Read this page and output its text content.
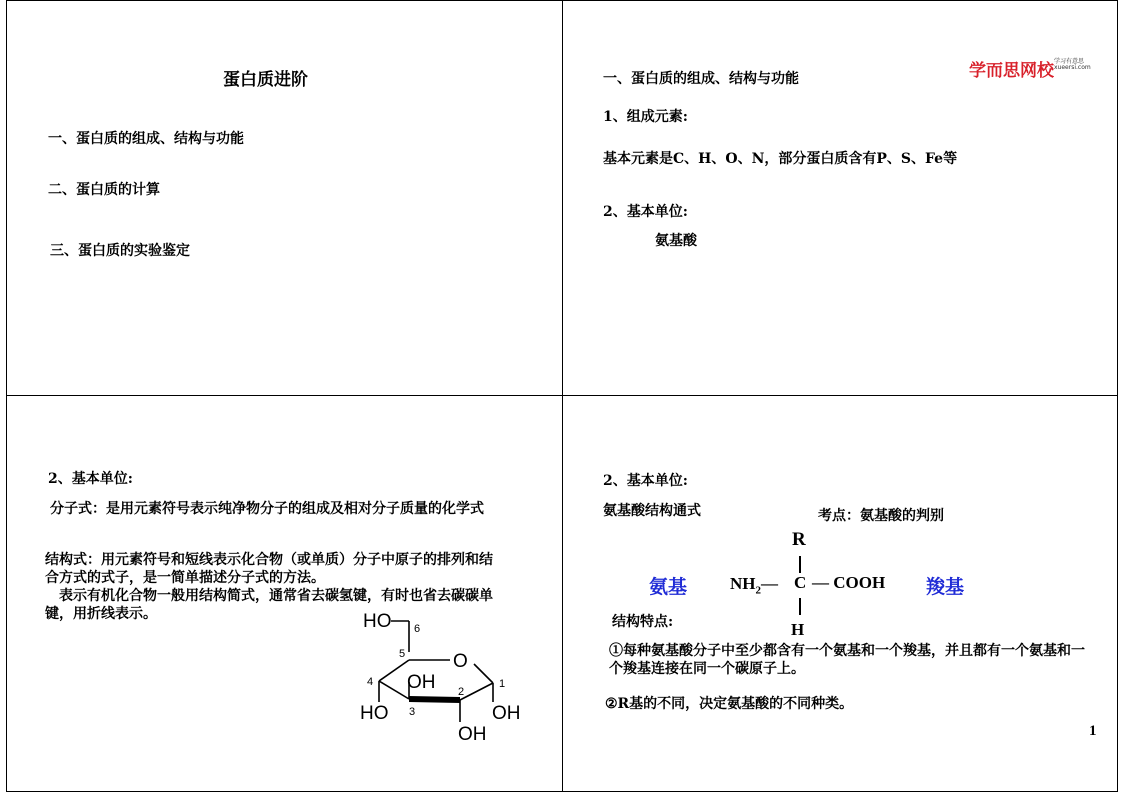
蛋白质进阶
一、蛋白质的组成、结构与功能
二、蛋白质的计算
三、蛋白质的实验鉴定
学而思网校 学习有意思
xueersi.com
一、蛋白质的组成、结构与功能
1、组成元素:
基本元素是C、H、O、N，部分蛋白质含有P、S、Fe等
2、基本单位:
氨基酸
2、基本单位:
分子式：是用元素符号表示纯净物分子的组成及相对分子质量的化学式
结构式：用元素符号和短线表示化合物（或单质）分子中原子的排列和结合方式的式子，是一简单描述分子式的方法。
表示有机化合物一般用结构简式，通常省去碳氢键，有时也省去碳碳单键，用折线表示。	HO 6
5	O
4 OH	1
2
HO 3	OH
OH
2、基本单位:
氨基酸结构通式	考点：氨基酸的判别
R
氨基	$NH_2—$ C — COOH 羧基
H
结构特点:
①每种氨基酸分子中至少都含有一个氨基和一个羧基，并且都有一个氨基和一个羧基连接在同一个碳原子上。
②R基的不同，决定氨基酸的不同种类。
1
